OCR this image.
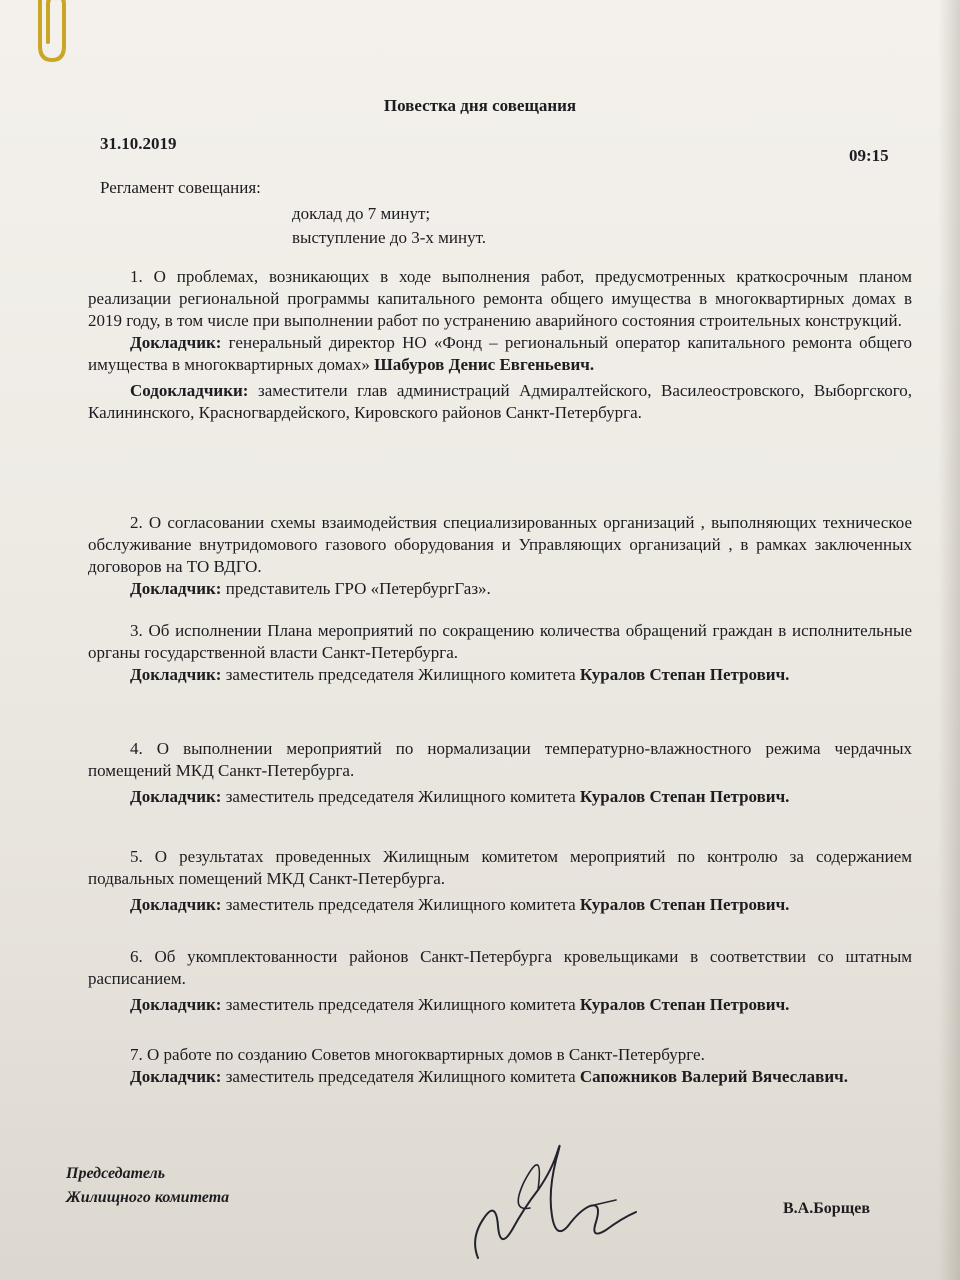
Повестка дня совещания
31.10.2019
09:15
Регламент совещания:
доклад до 7 минут;
выступление до 3-х минут.

1. О проблемах, возникающих в ходе выполнения работ, предусмотренных краткосрочным планом реализации региональной программы капитального ремонта общего имущества в многоквартирных домах в 2019 году, в том числе при выполнении работ по устранению аварийного состояния строительных конструкций.

Докладчик: генеральный директор НО «Фонд – региональный оператор капитального ремонта общего имущества в многоквартирных домах» Шабуров Денис Евгеньевич.
Содокладчики: заместители глав администраций Адмиралтейского, Василеостровского, Выборгского, Калининского, Красногвардейского, Кировского районов Санкт-Петербурга.

2. О согласовании схемы взаимодействия специализированных организаций , выполняющих техническое обслуживание внутридомового газового оборудования и Управляющих организаций , в рамках заключенных договоров на ТО ВДГО.

Докладчик: представитель ГРО «ПетербургГаз».

3. Об исполнении Плана мероприятий по сокращению количества обращений граждан в исполнительные органы государственной власти Санкт-Петербурга.

Докладчик: заместитель председателя Жилищного комитета Куралов Степан Петрович.

4. О выполнении мероприятий по нормализации температурно-влажностного режима чердачных помещений МКД Санкт-Петербурга.

Докладчик: заместитель председателя Жилищного комитета Куралов Степан Петрович.

5. О результатах проведенных Жилищным комитетом мероприятий по контролю за содержанием подвальных помещений МКД Санкт-Петербурга.

Докладчик: заместитель председателя Жилищного комитета Куралов Степан Петрович.

6. Об укомплектованности районов Санкт-Петербурга кровельщиками в соответствии со штатным расписанием.

Докладчик: заместитель председателя Жилищного комитета Куралов Степан Петрович.

7. О работе по созданию Советов многоквартирных домов в Санкт-Петербурге.

Докладчик: заместитель председателя Жилищного комитета Сапожников Валерий Вячеславич.
Председатель
Жилищного комитета
В.А.Борщев
